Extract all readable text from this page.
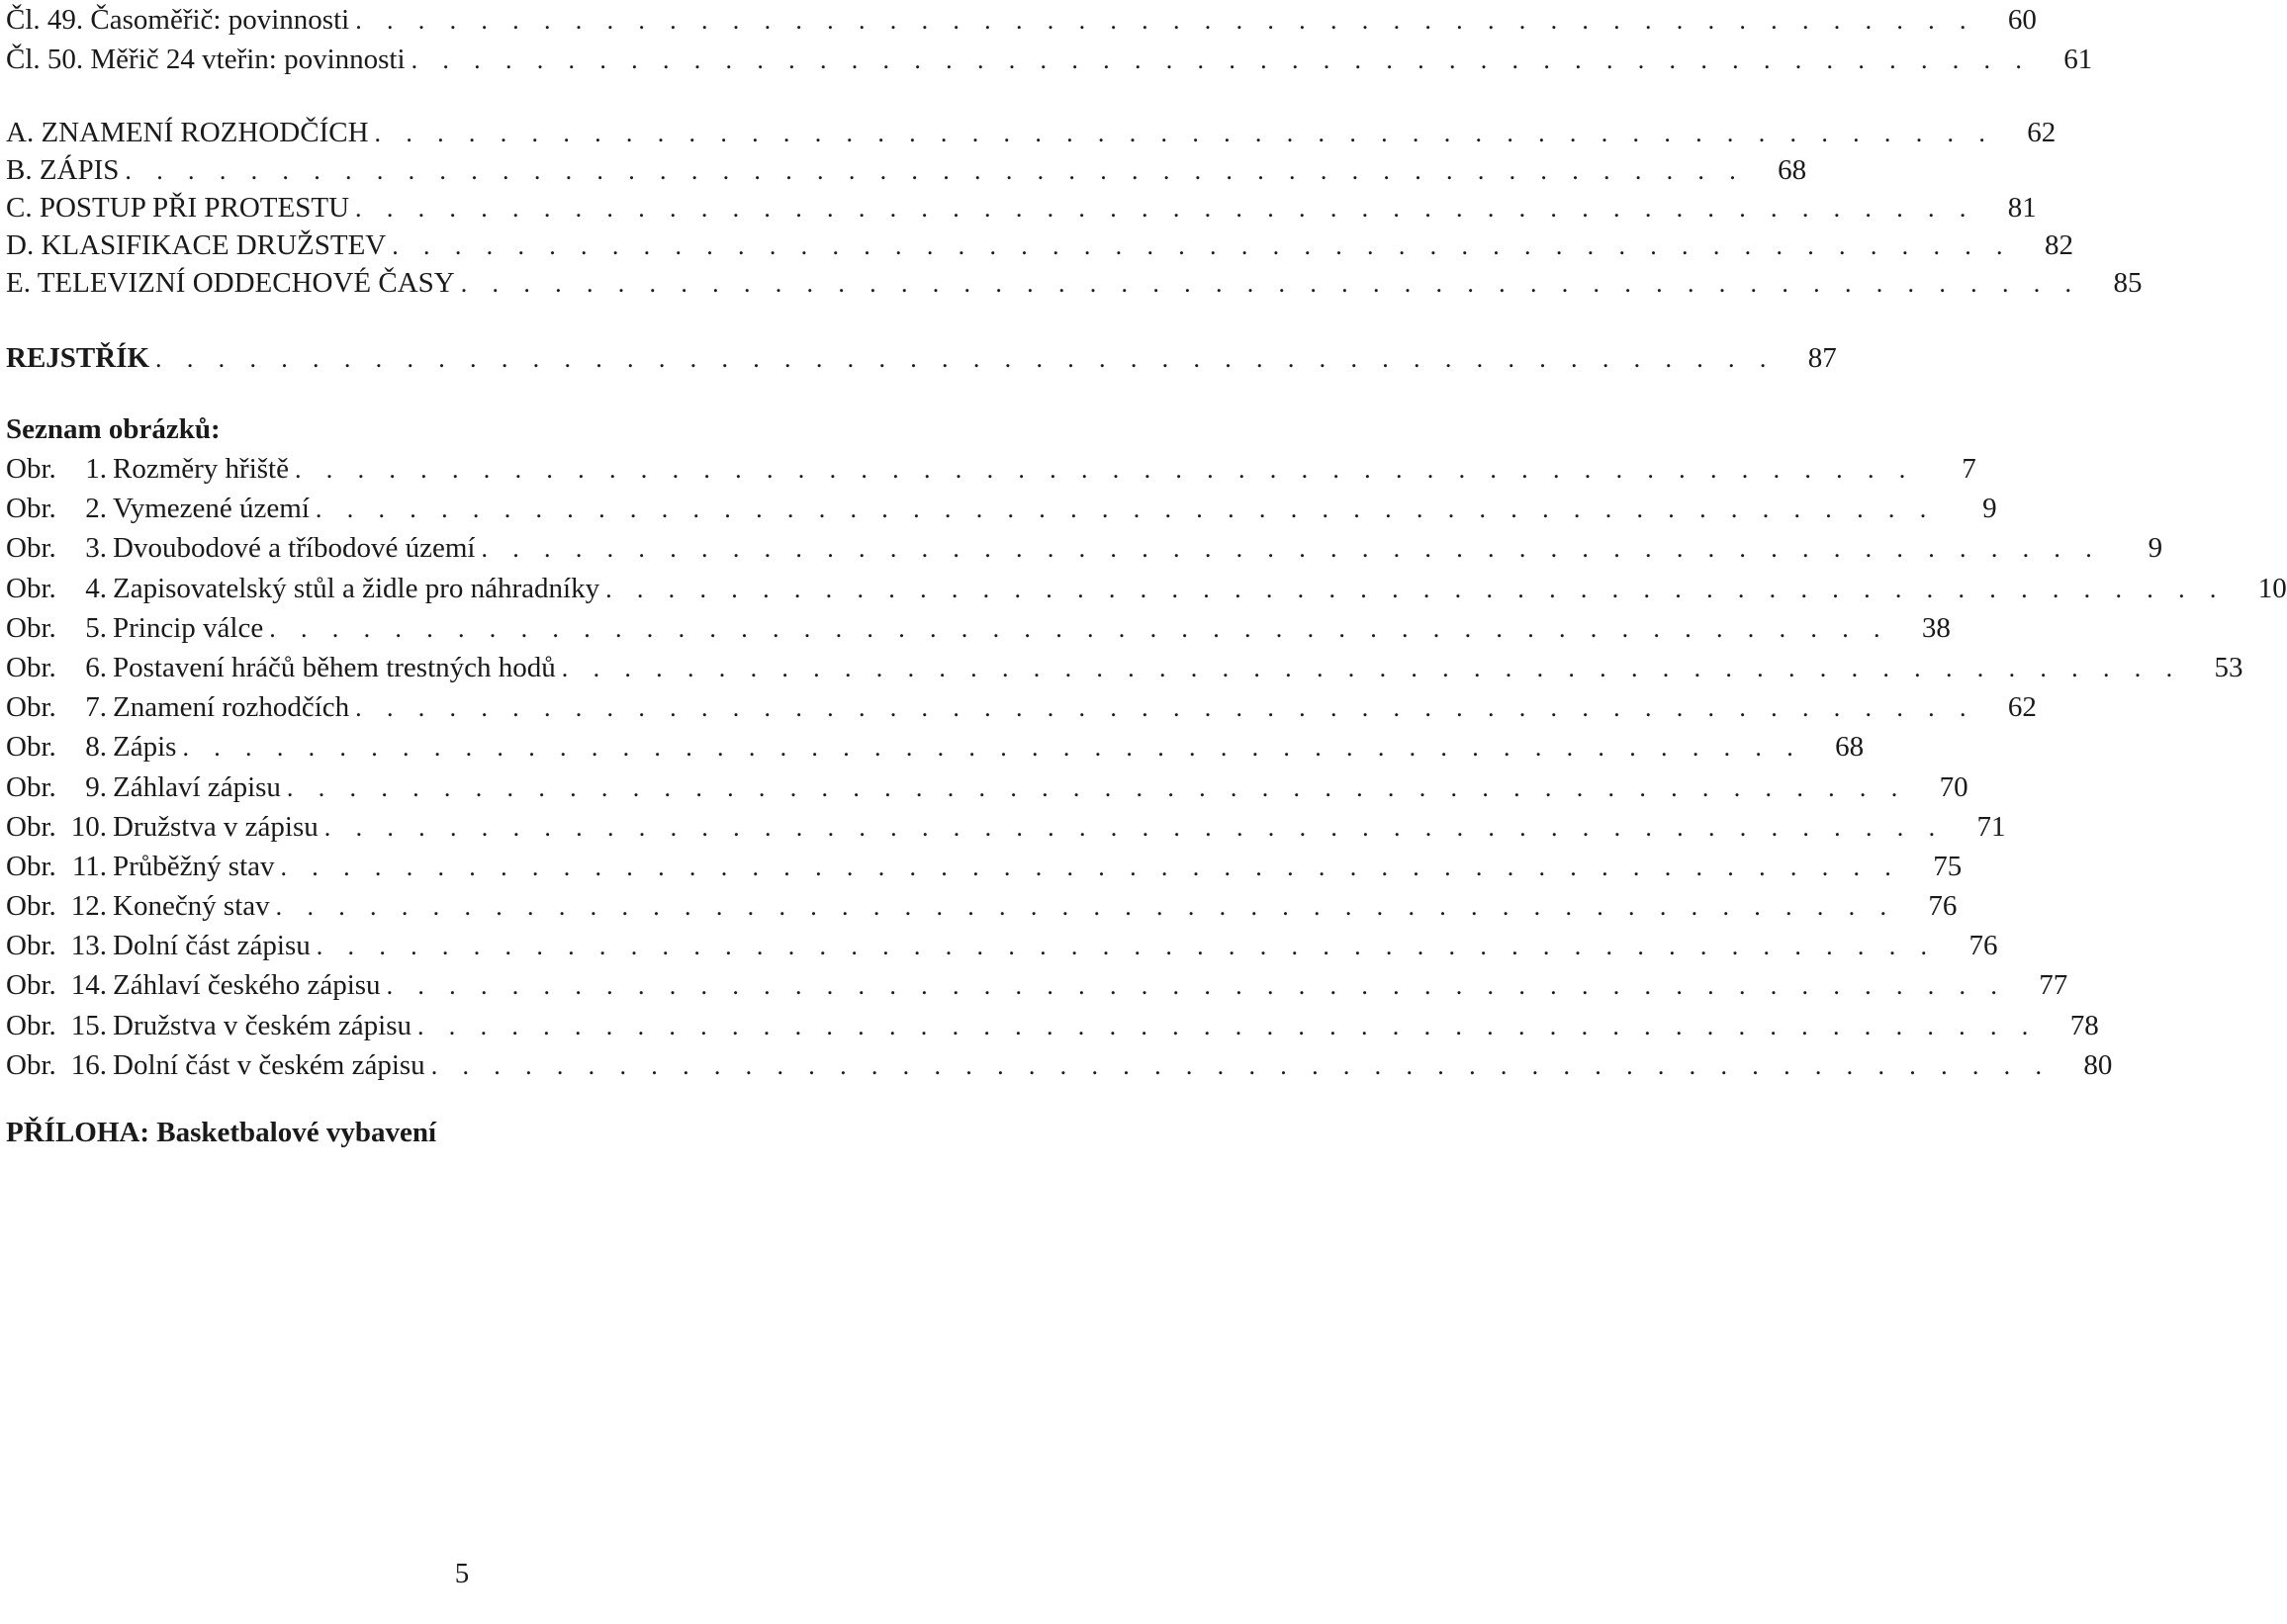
Čl. 49. Časoměřič: povinnosti . . . . . . . . . . . . . . . . . . . . . . . . . . . . . . . . . . . . . . . . . . . . . . . . . . . .	60
Čl. 50. Měřič 24 vteřin: povinnosti . . . . . . . . . . . . . . . . . . . . . . . . . . . . . . . . . . . . . . . . . . . . . . . . . . . .	61
A. ZNAMENÍ ROZHODČÍCH . . . . . . . . . . . . . . . . . . . . . . . . . . . . . . . . . . . . . . . . . . . . . . . . . . . .	62
B. ZÁPIS . . . . . . . . . . . . . . . . . . . . . . . . . . . . . . . . . . . . . . . . . . . . . . . . . . . .	68
C. POSTUP PŘI PROTESTU . . . . . . . . . . . . . . . . . . . . . . . . . . . . . . . . . . . . . . . . . . . . . . . . . . . .	81
D. KLASIFIKACE DRUŽSTEV . . . . . . . . . . . . . . . . . . . . . . . . . . . . . . . . . . . . . . . . . . . . . . . . . . . .	82
E. TELEVIZNÍ ODDECHOVÉ ČASY . . . . . . . . . . . . . . . . . . . . . . . . . . . . . . . . . . . . . . . . . . . . . . . . . . . .	85
REJSTŘÍK . . . . . . . . . . . . . . . . . . . . . . . . . . . . . . . . . . . . . . . . . . . . . . . . . . . .	87
Seznam obrázků:
Obr. 1. Rozměry hřiště . . . . . . . . . . . . . . . . . . . . . . . . . . . . . . . . . . . . . . . . . . . . . . . . . . . .	7
Obr. 2. Vymezené území . . . . . . . . . . . . . . . . . . . . . . . . . . . . . . . . . . . . . . . . . . . . . . . . . . . .	9
Obr. 3. Dvoubodové a tříbodové území . . . . . . . . . . . . . . . . . . . . . . . . . . . . . . . . . . . . . . . . . . . . . . . . . . . .	9
Obr. 4. Zapisovatelský stůl a židle pro náhradníky . . . . . . . . . . . . . . . . . . . . . . . . . . . . . . . . . . . . . . . . . . . . . . . . . . . .	10
Obr. 5. Princip válce . . . . . . . . . . . . . . . . . . . . . . . . . . . . . . . . . . . . . . . . . . . . . . . . . . . .	38
Obr. 6. Postavení hráčů během trestných hodů . . . . . . . . . . . . . . . . . . . . . . . . . . . . . . . . . . . . . . . . . . . . . . . . . . . .	53
Obr. 7. Znamení rozhodčích . . . . . . . . . . . . . . . . . . . . . . . . . . . . . . . . . . . . . . . . . . . . . . . . . . . .	62
Obr. 8. Zápis . . . . . . . . . . . . . . . . . . . . . . . . . . . . . . . . . . . . . . . . . . . . . . . . . . . .	68
Obr. 9. Záhlaví zápisu . . . . . . . . . . . . . . . . . . . . . . . . . . . . . . . . . . . . . . . . . . . . . . . . . . . .	70
Obr. 10. Družstva v zápisu . . . . . . . . . . . . . . . . . . . . . . . . . . . . . . . . . . . . . . . . . . . . . . . . . . . .	71
Obr. 11. Průběžný stav . . . . . . . . . . . . . . . . . . . . . . . . . . . . . . . . . . . . . . . . . . . . . . . . . . . .	75
Obr. 12. Konečný stav . . . . . . . . . . . . . . . . . . . . . . . . . . . . . . . . . . . . . . . . . . . . . . . . . . . .	76
Obr. 13. Dolní část zápisu . . . . . . . . . . . . . . . . . . . . . . . . . . . . . . . . . . . . . . . . . . . . . . . . . . . .	76
Obr. 14. Záhlaví českého zápisu . . . . . . . . . . . . . . . . . . . . . . . . . . . . . . . . . . . . . . . . . . . . . . . . . . . .	77
Obr. 15. Družstva v českém zápisu . . . . . . . . . . . . . . . . . . . . . . . . . . . . . . . . . . . . . . . . . . . . . . . . . . . .	78
Obr. 16. Dolní část v českém zápisu . . . . . . . . . . . . . . . . . . . . . . . . . . . . . . . . . . . . . . . . . . . . . . . . . . . .	80
PŘÍLOHA: Basketbalové vybavení
5
